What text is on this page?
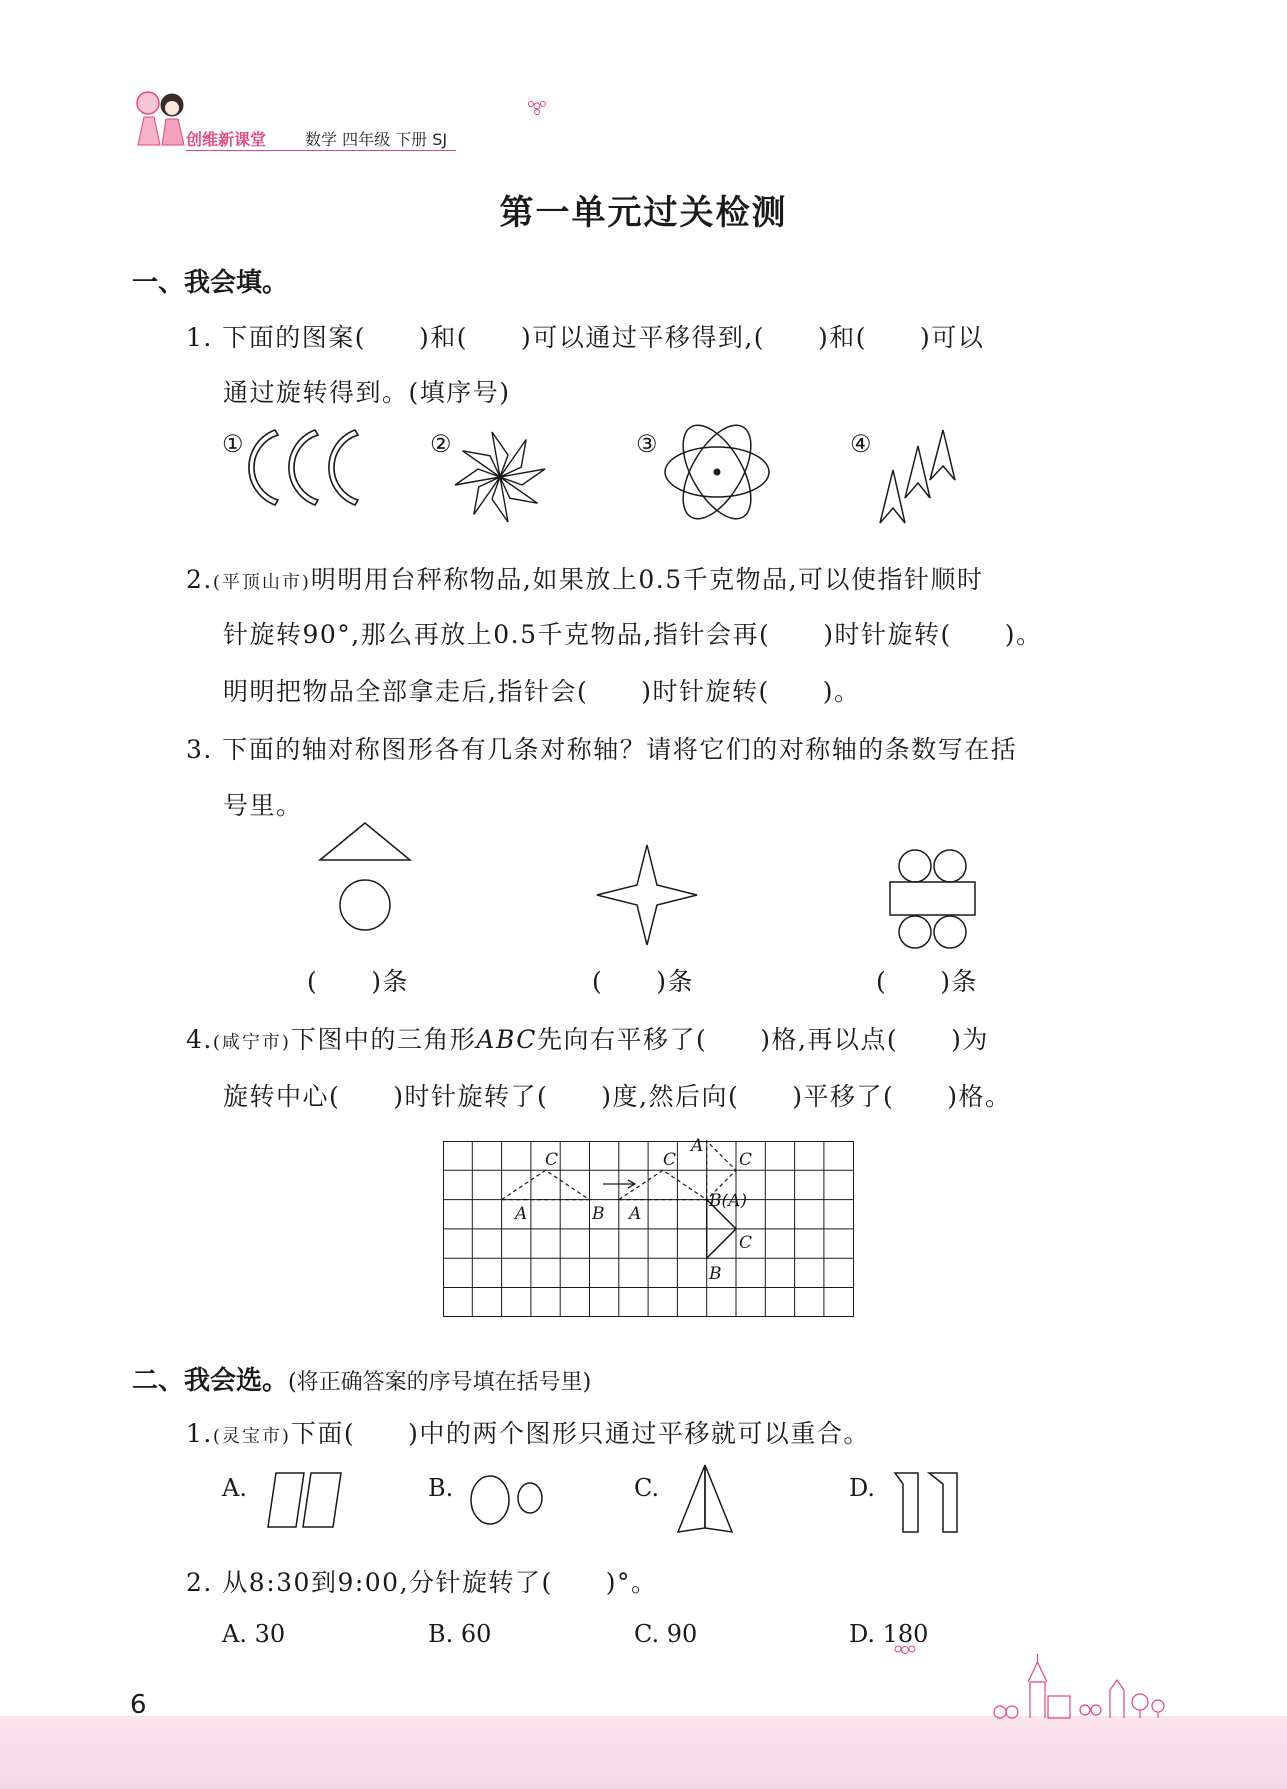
创维新课堂 数学 四年级 下册 SJ
第一单元过关检测
一、我会填。
1. 下面的图案(　　)和(　　)可以通过平移得到,(　　)和(　　)可以
通过旋转得到。(填序号)
①	②	③	④
2.(平顶山市)明明用台秤称物品,如果放上0.5千克物品,可以使指针顺时
针旋转90°,那么再放上0.5千克物品,指针会再(　　)时针旋转(　　)。
明明把物品全部拿走后,指针会(　　)时针旋转(　　)。
3. 下面的轴对称图形各有几条对称轴？请将它们的对称轴的条数写在括
号里。
(　　)条	(　　)条	(　　)条
4.(咸宁市)下图中的三角形ABC先向右平移了(　　)格,再以点(　　)为
旋转中心(　　)时针旋转了(　　)度,然后向(　　)平移了(　　)格。
C
A	B
C
A
A
C
B(A)
C
B
二、我会选。(将正确答案的序号填在括号里)
1.(灵宝市)下面(　　)中的两个图形只通过平移就可以重合。
A.	B.	C.	D.
2. 从8:30到9:00,分针旋转了(　　)°。
A. 30	B. 60	C. 90	D. 180
6
